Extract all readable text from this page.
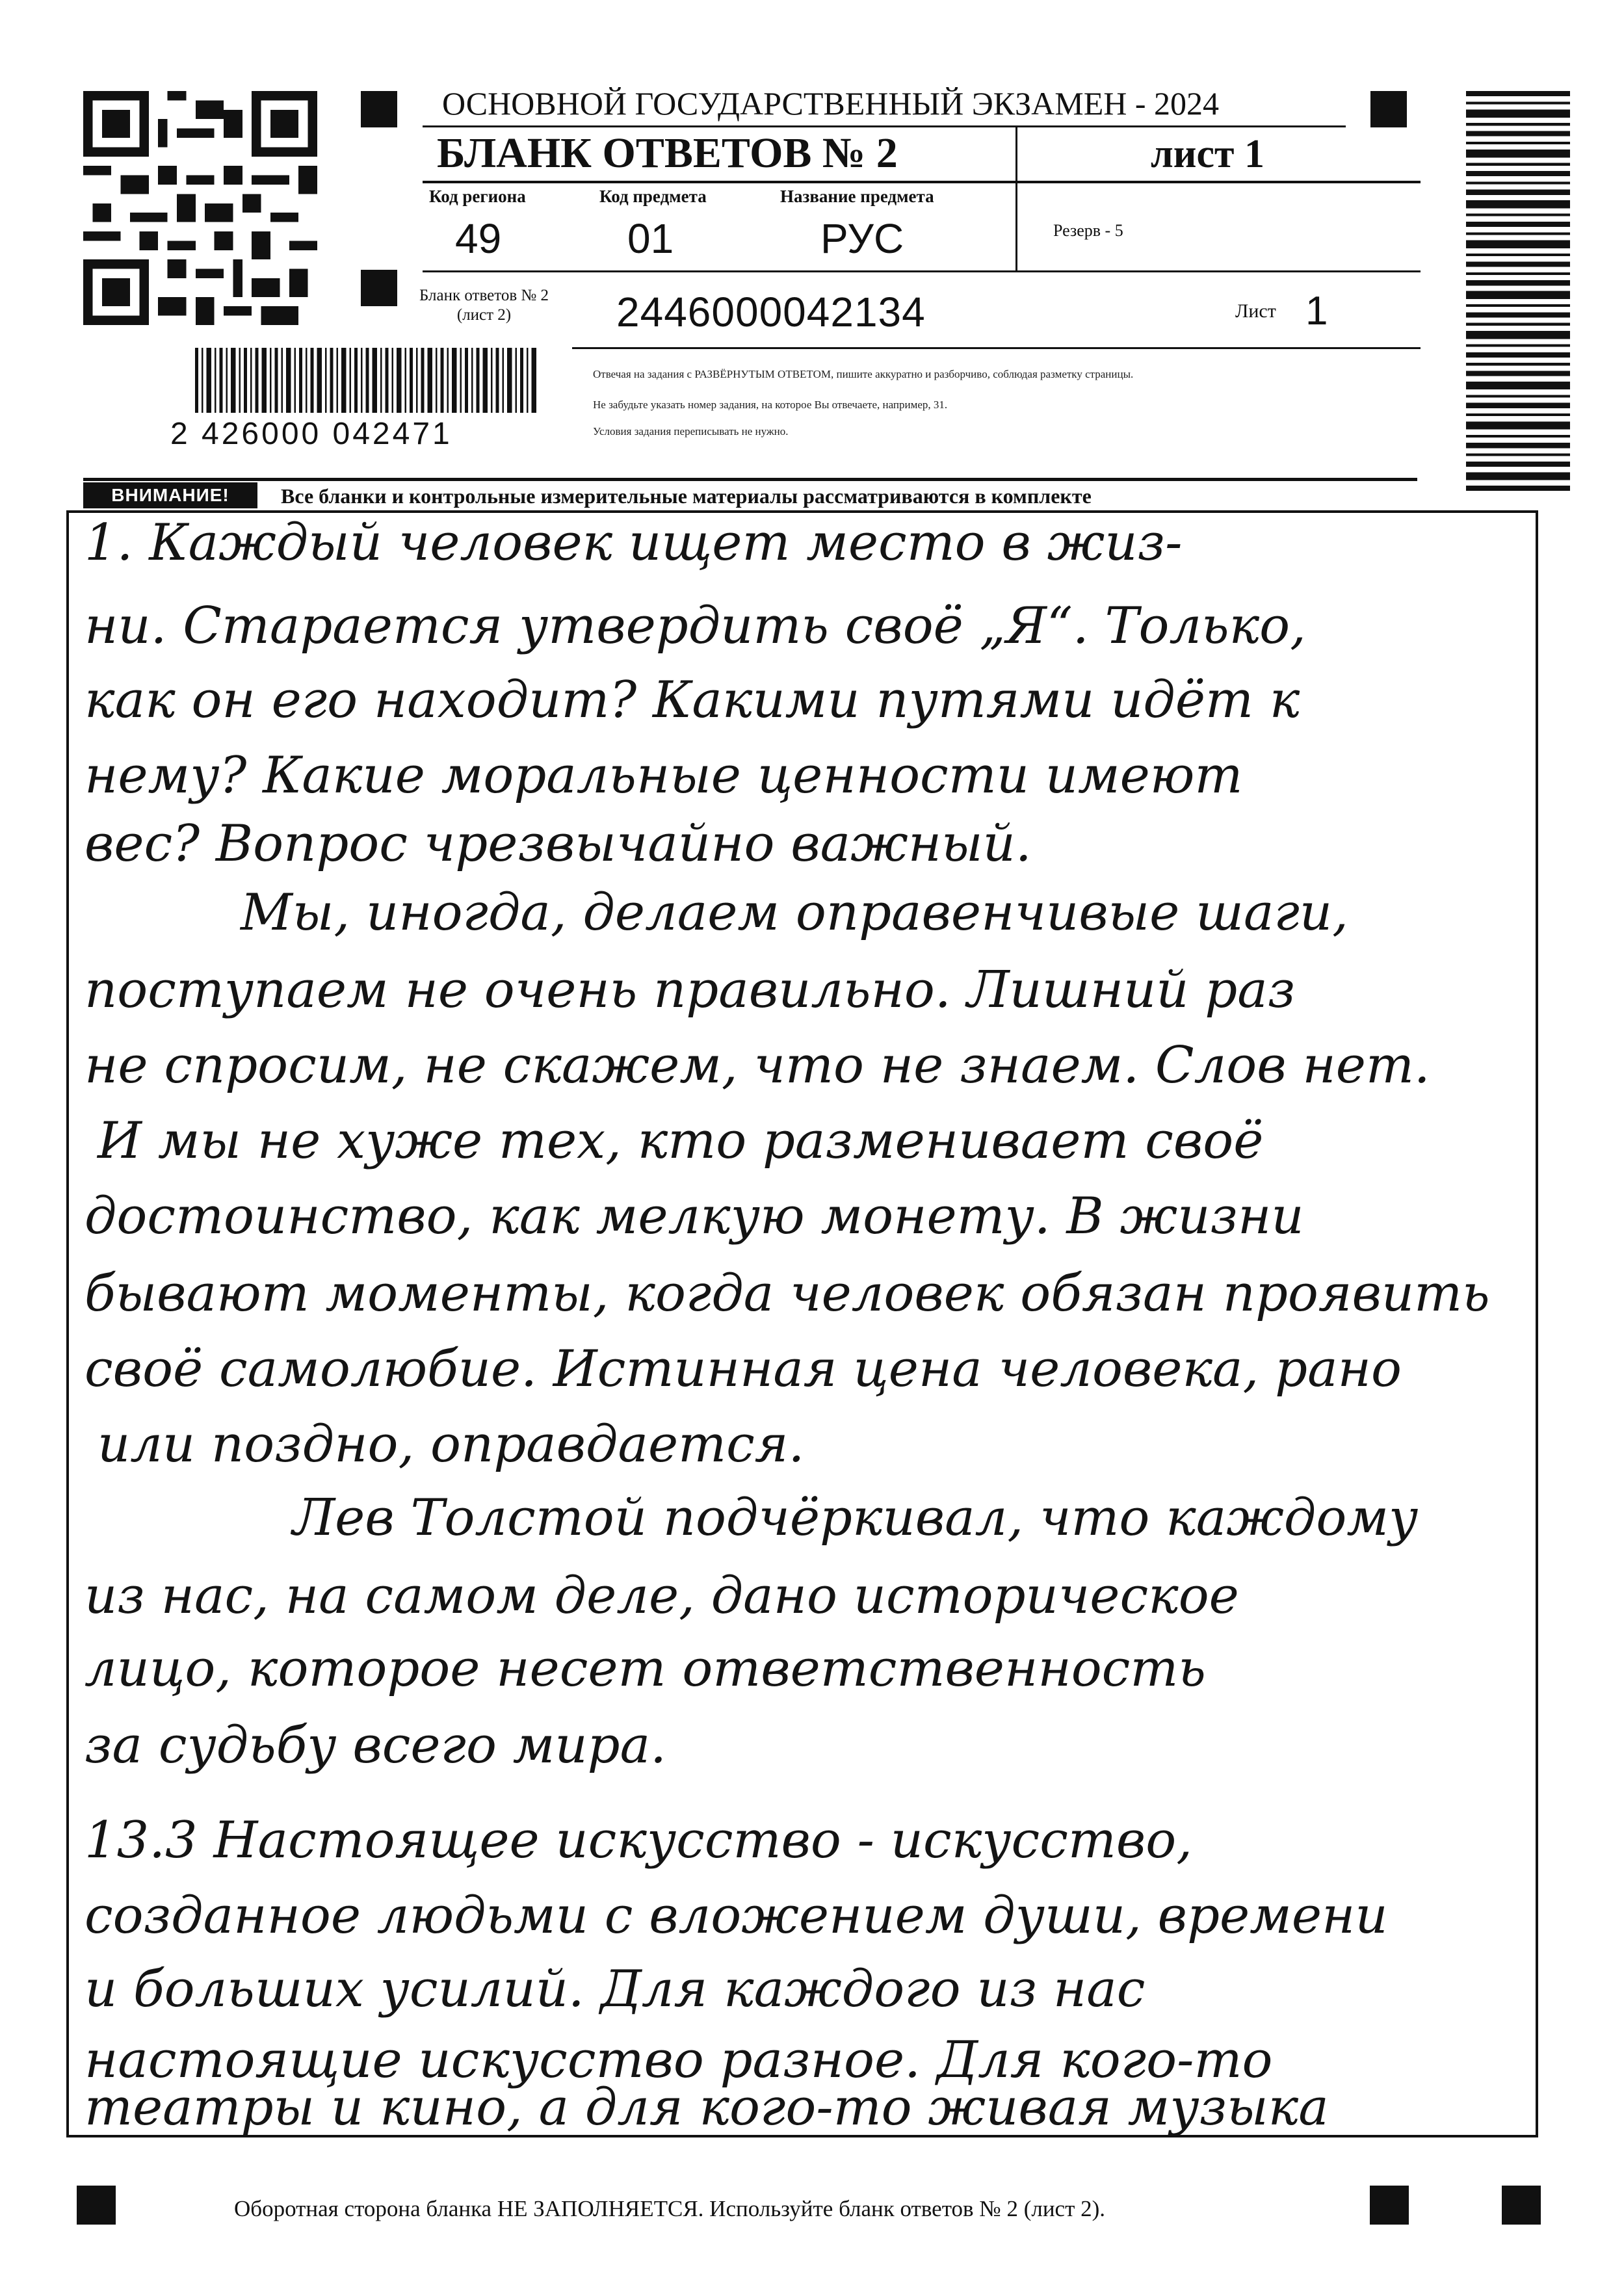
2 426000 042471
ОСНОВНОЙ ГОСУДАРСТВЕННЫЙ ЭКЗАМЕН - 2024
БЛАНК ОТВЕТОВ № 2	лист 1
Код региона
49
Код предмета
01
Название предмета
РУС	Резерв - 5
Бланк ответов № 2
(лист 2)	2446000042134	Лист 1
Отвечая на задания с РАЗВЁРНУТЫМ ОТВЕТОМ, пишите аккуратно и разборчиво, соблюдая разметку страницы.
Не забудьте указать номер задания, на которое Вы отвечаете, например, 31.
Условия задания переписывать не нужно.
ВНИМАНИЕ!	Все бланки и контрольные измерительные материалы рассматриваются в комплекте
1. Каждый человек ищет место в жиз-
ни. Старается утвердить своё „Я“. Только,
как он его находит? Какими путями идёт к
нему? Какие моральные ценности имеют
вес? Вопрос чрезвычайно важный.
Мы, иногда, делаем оправенчивые шаги,
поступаем не очень правильно. Лишний раз
не спросим, не скажем, что не знаем. Слов нет.
И мы не хуже тех, кто разменивает своё
достоинство, как мелкую монету. В жизни
бывают моменты, когда человек обязан проявить
своё самолюбие. Истинная цена человека, рано
или поздно, оправдается.
Лев Толстой подчёркивал, что каждому
из нас, на самом деле, дано историческое
лицо, которое несет ответственность
за судьбу всего мира.
13.3 Настоящее искусство - искусство,
созданное людьми с вложением души, времени
и больших усилий. Для каждого из нас
настоящие искусство разное. Для кого-то
театры и кино, а для кого-то живая музыка
Оборотная сторона бланка НЕ ЗАПОЛНЯЕТСЯ. Используйте бланк ответов № 2 (лист 2).
